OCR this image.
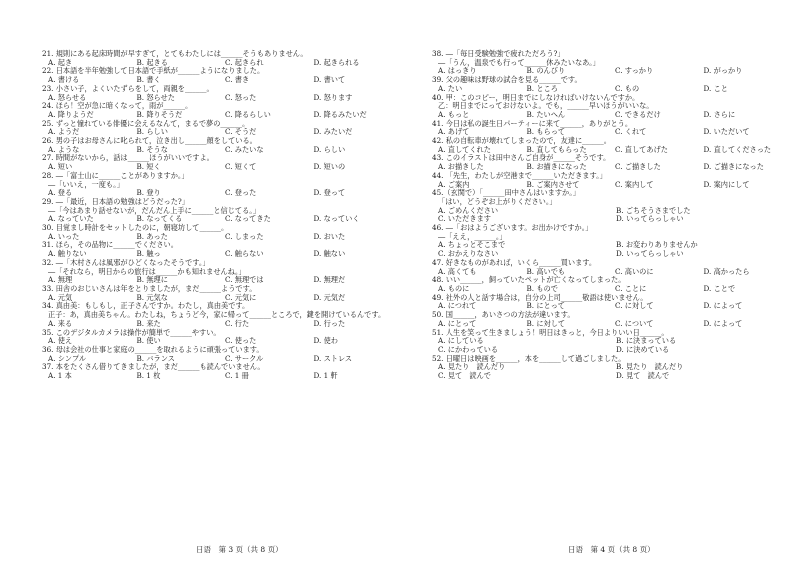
21. 規則にある起床時間が早すぎて，とてもわたしには______そうもありません。
A. 起き	B. 起きる	C. 起きられ	D. 起きられる
22. 日本語を半年勉強して日本語で手紙が______ようになりました。
A. 書ける	B. 書く	C. 書き	D. 書いて
23. 小さい子，よくいたずらをして，両親を______。
A. 怒らせる	B. 怒らせた	C. 怒った	D. 怒ります
24. ほら！空が急に暗くなって，雨が______。
A. 降りようだ	B. 降りそうだ	C. 降るらしい	D. 降るみたいだ
25. ずっと憧れている俳優に会えるなんて，まるで夢の______。
A. ようだ	B. らしい	C. そうだ	D. みたいだ
26. 男の子はお母さんに叱られて，泣き出し______顔をしている。
A. ような	B. そうな	C. みたいな	D. らしい
27. 時間がないから，話は______ほうがいいですよ。
A. 短い	B. 短く	C. 短くて	D. 短いの
28. ―「富士山に______ことがありますか。」
―「いいえ，一度も。」
A. 登る	B. 登り	C. 登った	D. 登って
29. ―「最近，日本語の勉強はどうだった?」
―「今はあまり話せないが，だんだん上手に______と信じてる。」
A. なっていた	B. なってくる	C. なってきた	D. なっていく
30. 目覚まし時計をセットしたのに，朝寝坊して______。
A. いった	B. あった	C. しまった	D. おいた
31. ほら，その品物に______でください。
A. 触りない	B. 触っ	C. 触らない	D. 触ない
32. ―「木村さんは風邪がひどくなったそうです。」
―「それなら，明日からの旅行は______かも知れませんね。」
A. 無理	B. 無理に	C. 無理では	D. 無理だ
33. 田舎のおじいさんは年をとりましたが，まだ______ようです。
A. 元気	B. 元気な	C. 元気に	D. 元気だ
34. 真由美：もしもし，正子さんですか。わたし，真由美です。
正子：あ，真由美ちゃん。わたしね，ちょうど今，家に帰って______ところで，鍵を開けているんです。
A. 来る	B. 来た	C. 行た	D. 行った
35. このデジタルカメラは操作が簡単で______やすい。
A. 使え	B. 使い	C. 使った	D. 使わ
36. 母は会社の仕事と家庭の______を取れるように頑張っています。
A. シンプル	B. バランス	C. サークル	D. ストレス
37. 本をたくさん借りてきましたが，まだ______も読んでいません。
A. 1 本	B. 1 枚	C. 1 冊	D. 1 軒
38. ―「毎日受験勉強で疲れただろう?」
―「うん，温泉でも行って______休みたいなあ。」
A. はっきり	B. のんびり	C. すっかり	D. がっかり
39. 父の趣味は野球の試合を見る______です。
A. たい	B. ところ	C. もの	D. こと
40. 甲：このコピー，明日までにしなければいけないんですか。
乙：明日までにっておけないよ。でも，______早いほうがいいな。
A. もっと	B. たいへん	C. できるだけ	D. さらに
41. 今日は私の誕生日パーティーに来て______，ありがとう。
A. あげて	B. もらって	C. くれて	D. いただいて
42. 私の自転車が壊れてしまったので，友達に______。
A. 直してくれた	B. 直してもらった	C. 直してあげた	D. 直してくださった
43. このイラストは田中さんご自身が______そうです。
A. お描きした	B. お描きになった	C. ご描きした	D. ご描きになった
44. 「先生，わたしが空港まで______いただきます。」
A. ご案内	B. ご案内させて	C. 案内して	D. 案内にして
45.（玄関で）「______田中さんはいますか。」
「はい，どうぞお上がりください。」
A. ごめんください	B. ごちそうさまでした
C. いただきます	D. いってらっしゃい
46. ―「おはようございます。お出かけですか。」
―「ええ，______。」
A. ちょっとそこまで	B. お変わりありませんか
C. おかえりなさい	D. いってらっしゃい
47. 好きなものがあれば，いくら______買います。
A. 高くても	B. 高いでも	C. 高いのに	D. 高かったら
48. いい______，飼っていたペットが亡くなってしまった。
A. ものに	B. もので	C. ことに	D. ことで
49. 社外の人と話す場合は，自分の上司______敬語は使いません。
A. につれて	B. にとって	C. に対して	D. によって
50. 国______，あいさつの方法が違います。
A. にとって	B. に対して	C. について	D. によって
51. 人生を笑って生きましょう！明日はきっと，今日よりいい日______。
A. にしている	B. に決まっている
C. にかわっている	D. に決めている
52. 日曜日は映画を______，本を______して過ごしました。
A. 見たり　読んだり	B. 見たり　読んだり
C. 見て　読んで	D. 見て　読んで
日语　第 3 页（共 8 页）	日语　第 4 页（共 8 页）
